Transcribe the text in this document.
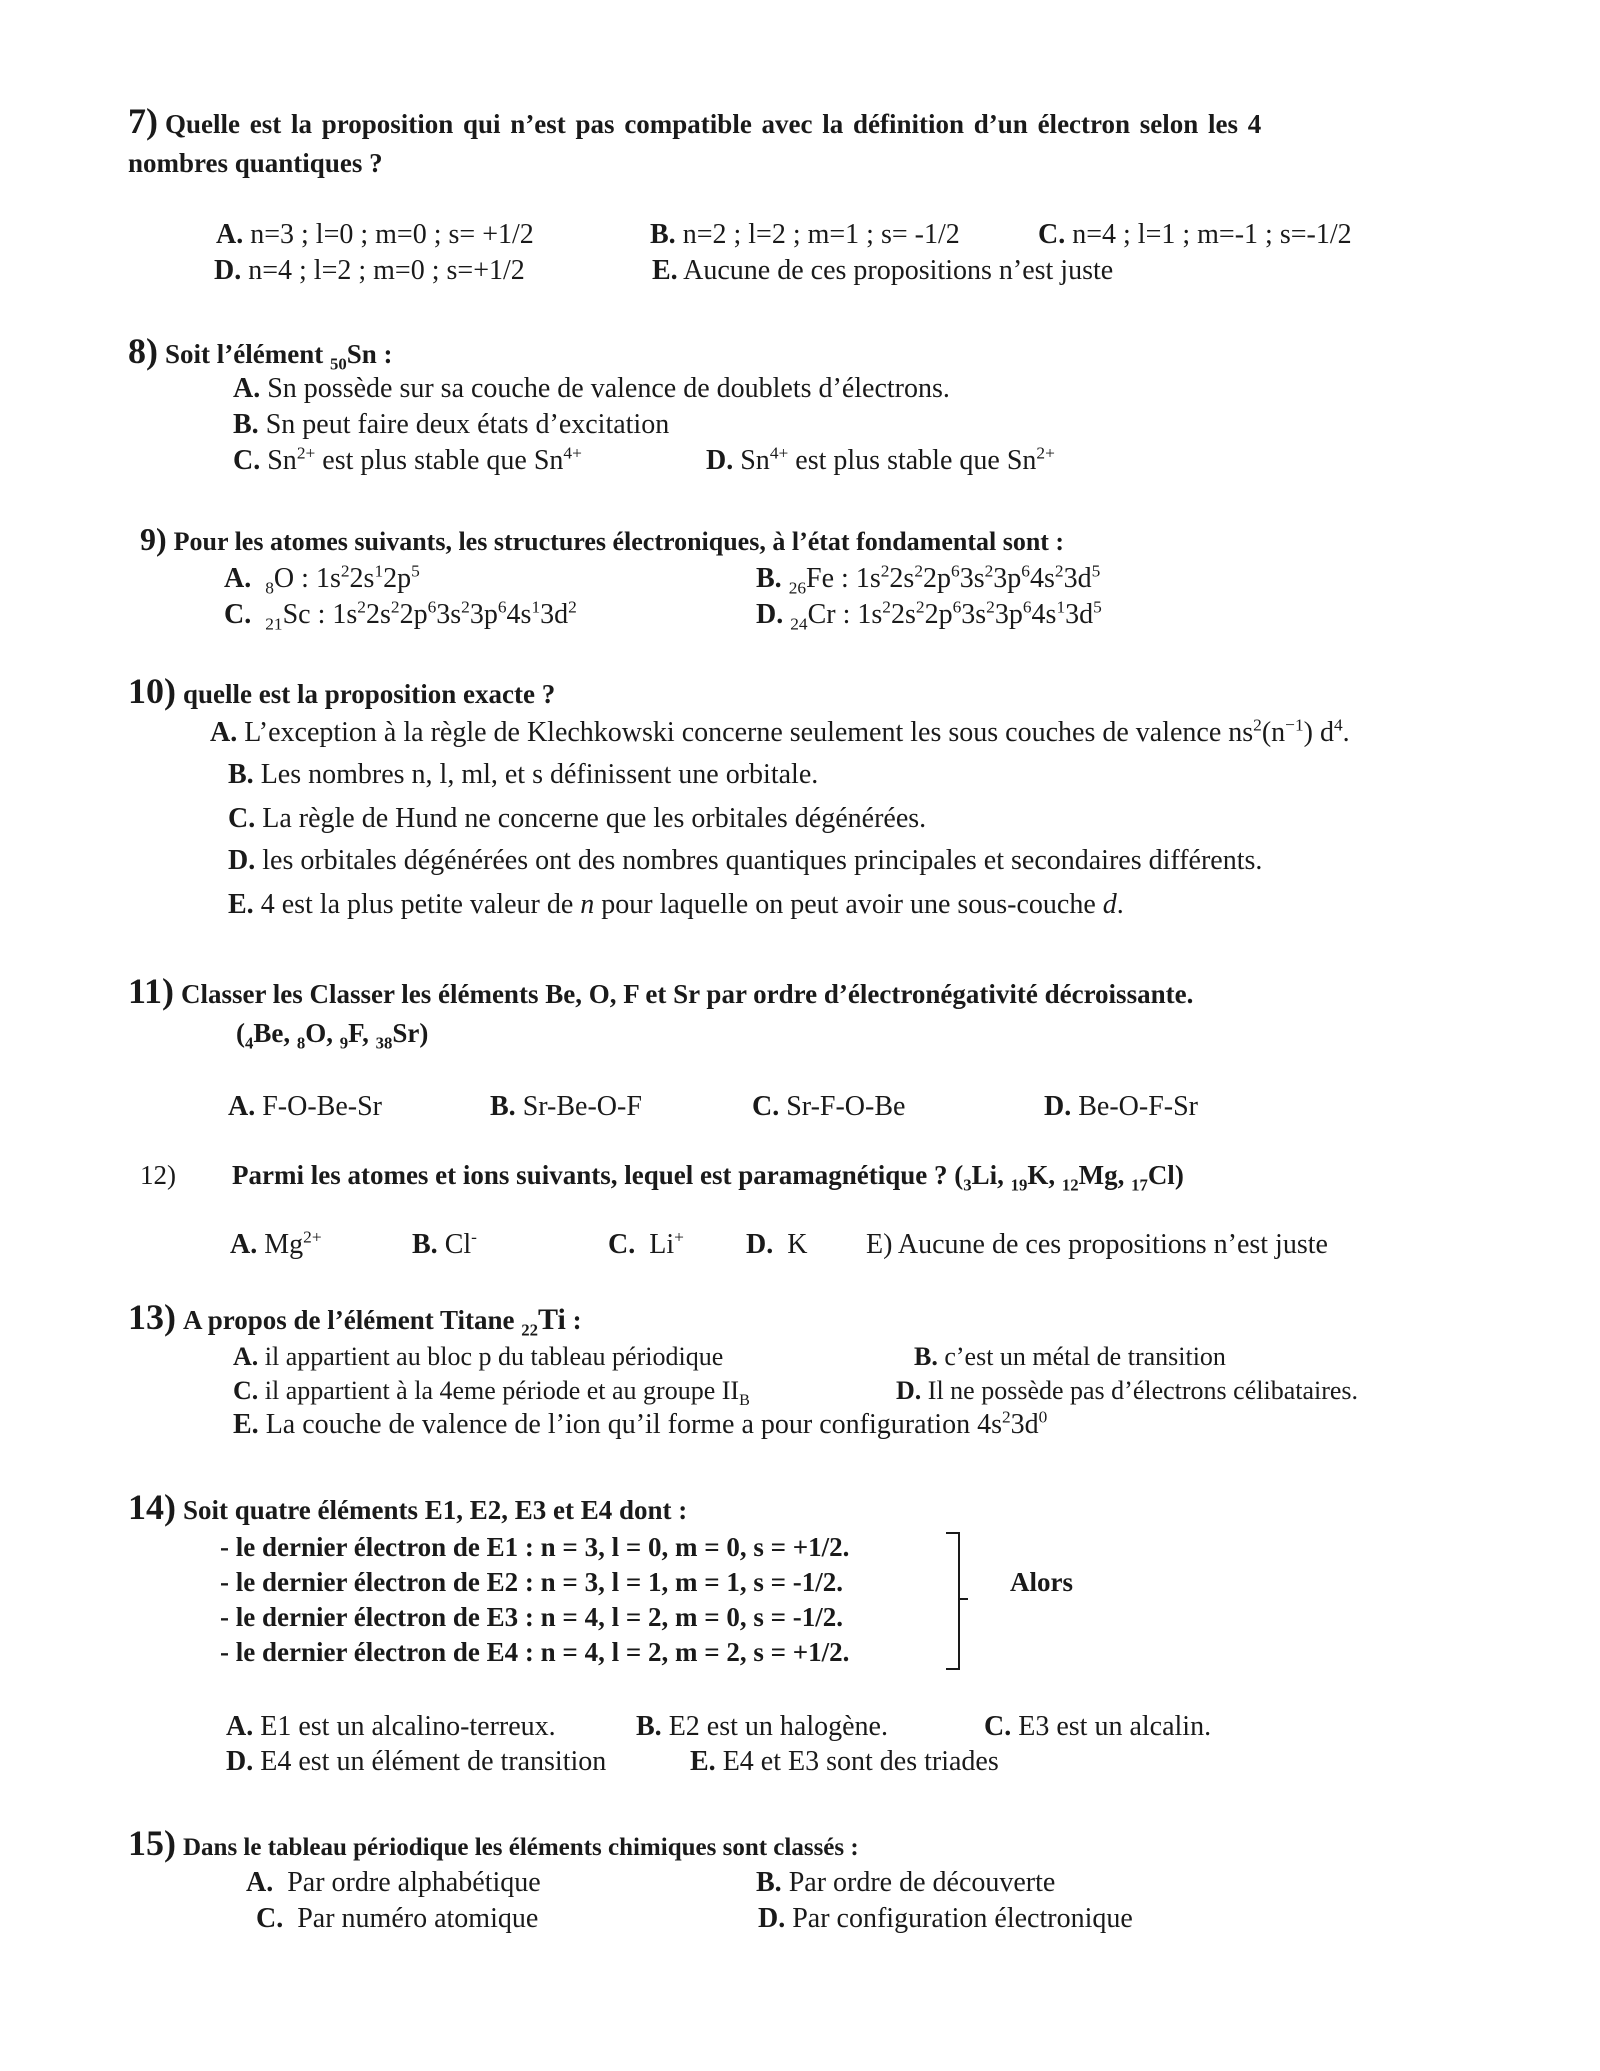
7) Quelle est la proposition qui n’est pas compatible avec la définition d’un électron selon les 4
nombres quantiques ?
A. n=3 ; l=0 ; m=0 ; s= +1/2	B. n=2 ; l=2 ; m=1 ; s= -1/2	C. n=4 ; l=1 ; m=-1 ; s=-1/2
D. n=4 ; l=2 ; m=0 ; s=+1/2	E. Aucune de ces propositions n’est juste
8) Soit l’élément $_{50}$Sn :
A. Sn possède sur sa couche de valence de doublets d’électrons.
B. Sn peut faire deux états d’excitation
C. $Sn^{2+}$ est plus stable que $Sn^{4+}$	D. $Sn^{4+}$ est plus stable que $Sn^{2+}$
9) Pour les atomes suivants, les structures électroniques, à l’état fondamental sont :
A. $_8$O : $1s^22s^12p^5$	B. $_{26}$Fe : $1s^22s^22p^63s^23p^64s^23d^5$
C. $_{21}$Sc : $1s^22s^22p^63s^23p^64s^13d^2$	D. $_{24}$Cr : $1s^22s^22p^63s^23p^64s^13d^5$
10) quelle est la proposition exacte ?
A. L’exception à la règle de Klechkowski concerne seulement les sous couches de valence $ns^2(n^{-1})$ $d^4$.
B. Les nombres n, l, ml, et s définissent une orbitale.
C. La règle de Hund ne concerne que les orbitales dégénérées.
D. les orbitales dégénérées ont des nombres quantiques principales et secondaires différents.
E. 4 est la plus petite valeur de n pour laquelle on peut avoir une sous-couche d.
11) Classer les Classer les éléments Be, O, F et Sr par ordre d’électronégativité décroissante.
($_4Be$, $_8$O, $_9$F, $_{38}$Sr)
A. F-O-Be-Sr	B. Sr-Be-O-F	C. Sr-F-O-Be	D. Be-O-F-Sr
12) Parmi les atomes et ions suivants, lequel est paramagnétique ? ($_3Li$, $_{19}$K, $_{12}$Mg, $_{17}$Cl)
A. $Mg^{2+}$	B. Cl-	C. Li+ D. K E) Aucune de ces propositions n’est juste
13) A propos de l’élément Titane $_{22}$Ti :
A. il appartient au bloc p du tableau périodique	B. c’est un métal de transition
C. il appartient à la 4eme période et au groupe $II_B$	D. Il ne possède pas d’électrons célibataires.
E. La couche de valence de l’ion qu’il forme a pour configuration $4s^23d^0$
14) Soit quatre éléments E1, E2, E3 et E4 dont :
- le dernier électron de E1 : n = 3, l = 0, m = 0, s = +1/2.
- le dernier électron de E2 : n = 3, l = 1, m = 1, s = -1/2.
- le dernier électron de E3 : n = 4, l = 2, m = 0, s = -1/2.
- le dernier électron de E4 : n = 4, l = 2, m = 2, s = +1/2.
Alors
A. E1 est un alcalino-terreux.	B. E2 est un halogène.	C. E3 est un alcalin.
D. E4 est un élément de transition	E. E4 et E3 sont des triades
15) Dans le tableau périodique les éléments chimiques sont classés :
A. Par ordre alphabétique	B. Par ordre de découverte
C. Par numéro atomique	D. Par configuration électronique
